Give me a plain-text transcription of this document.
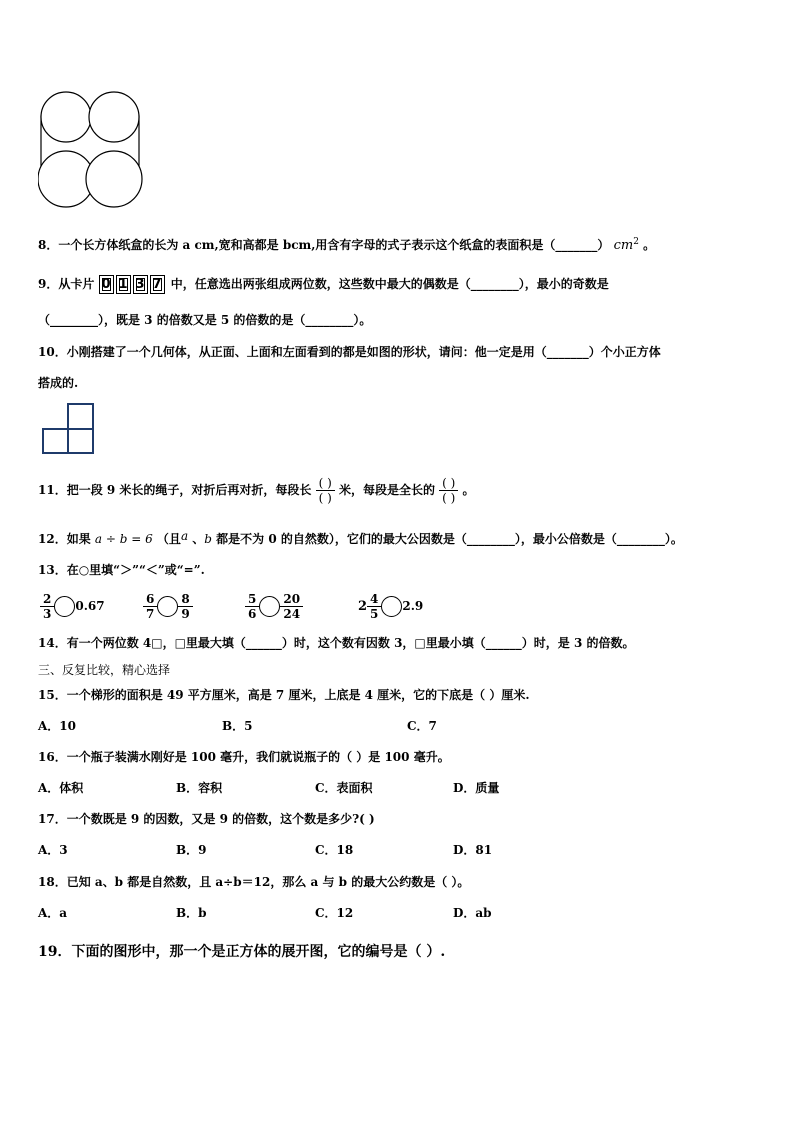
8．一个长方体纸盒的长为 a cm,宽和高都是 bcm,用含有字母的式子表示这个纸盒的表面积是（_______） $cm^2$ 。
9．从卡片 0 1 3 7 中，任意选出两张组成两位数，这些数中最大的偶数是（________），最小的奇数是
（________），既是 3 的倍数又是 5 的倍数的是（________）。
10．小刚搭建了一个几何体，从正面、上面和左面看到的都是如图的形状，请问：他一定是用（_______）个小正方体
搭成的.
11．把一段 9 米长的绳子，对折后再对折，每段长 $\frac{( )}{( )}$ 米，每段是全长的 $\frac{( )}{( )}$ 。
12．如果 a ÷ b = 6 （且a 、b 都是不为 0 的自然数），它们的最大公因数是（________），最小公倍数是（________）。
13．在○里填“＞”“＜”或“=”.
$\frac{2}{3} 0.67$	$\frac{6}{7} \frac{8}{9}$	$\frac{5}{6} \frac{20}{24}$	$2 \frac{4}{5} 2.9$
14．有一个两位数 4□，□里最大填（______）时，这个数有因数 3，□里最小填（______）时，是 3 的倍数。
三、反复比较，精心选择
15．一个梯形的面积是 49 平方厘米，高是 7 厘米，上底是 4 厘米，它的下底是（ ）厘米.
A．10	B．5	C．7
16．一个瓶子装满水刚好是 100 毫升，我们就说瓶子的（ ）是 100 毫升。
A．体积	B．容积	C．表面积	D．质量
17．一个数既是 9 的因数，又是 9 的倍数，这个数是多少?( )
A．3	B．9	C．18	D．81
18．已知 a、b 都是自然数，且 a÷b＝12，那么 a 与 b 的最大公约数是（ ）。
A．a	B．b	C．12	D．ab
19．下面的图形中，那一个是正方体的展开图，它的编号是（ ）.
